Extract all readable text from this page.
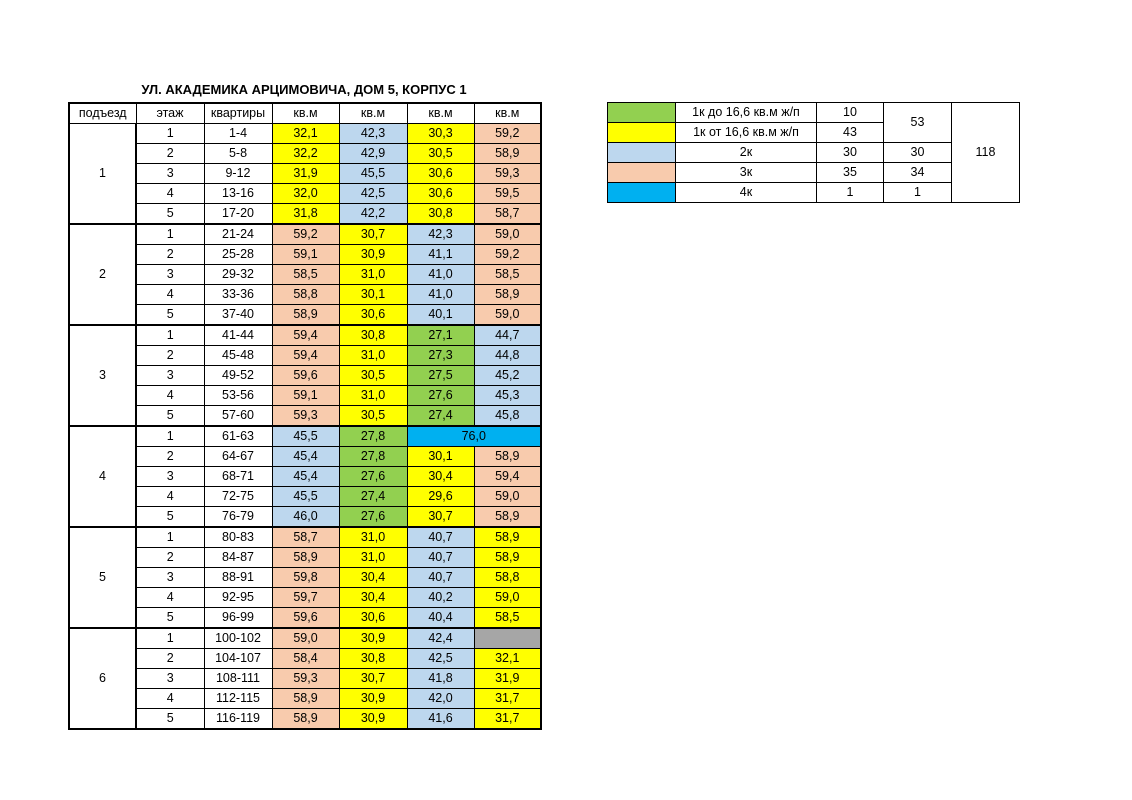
УЛ. АКАДЕМИКА АРЦИМОВИЧА, ДОМ 5, КОРПУС 1
подъезд	этаж	квартиры	кв.м	кв.м	кв.м	кв.м
1	1	1-4	32,1	42,3	30,3	59,2
	2	5-8	32,2	42,9	30,5	58,9
	3	9-12	31,9	45,5	30,6	59,3
	4	13-16	32,0	42,5	30,6	59,5
	5	17-20	31,8	42,2	30,8	58,7
2	1	21-24	59,2	30,7	42,3	59,0
	2	25-28	59,1	30,9	41,1	59,2
	3	29-32	58,5	31,0	41,0	58,5
	4	33-36	58,8	30,1	41,0	58,9
	5	37-40	58,9	30,6	40,1	59,0
3	1	41-44	59,4	30,8	27,1	44,7
	2	45-48	59,4	31,0	27,3	44,8
	3	49-52	59,6	30,5	27,5	45,2
	4	53-56	59,1	31,0	27,6	45,3
	5	57-60	59,3	30,5	27,4	45,8
4	1	61-63	45,5	27,8	76,0	
	2	64-67	45,4	27,8	30,1	58,9
	3	68-71	45,4	27,6	30,4	59,4
	4	72-75	45,5	27,4	29,6	59,0
	5	76-79	46,0	27,6	30,7	58,9
5	1	80-83	58,7	31,0	40,7	58,9
	2	84-87	58,9	31,0	40,7	58,9
	3	88-91	59,8	30,4	40,7	58,8
	4	92-95	59,7	30,4	40,2	59,0
	5	96-99	59,6	30,6	40,4	58,5
6	1	100-102	59,0	30,9	42,4	
	2	104-107	58,4	30,8	42,5	32,1
	3	108-111	59,3	30,7	41,8	31,9
	4	112-115	58,9	30,9	42,0	31,7
	5	116-119	58,9	30,9	41,6	31,7
	1к до 16,6 кв.м ж/п	10	53	118
	1к от 16,6 кв.м ж/п	43		
	2к	30	30	
	3к	35	34	
	4к	1	1	
